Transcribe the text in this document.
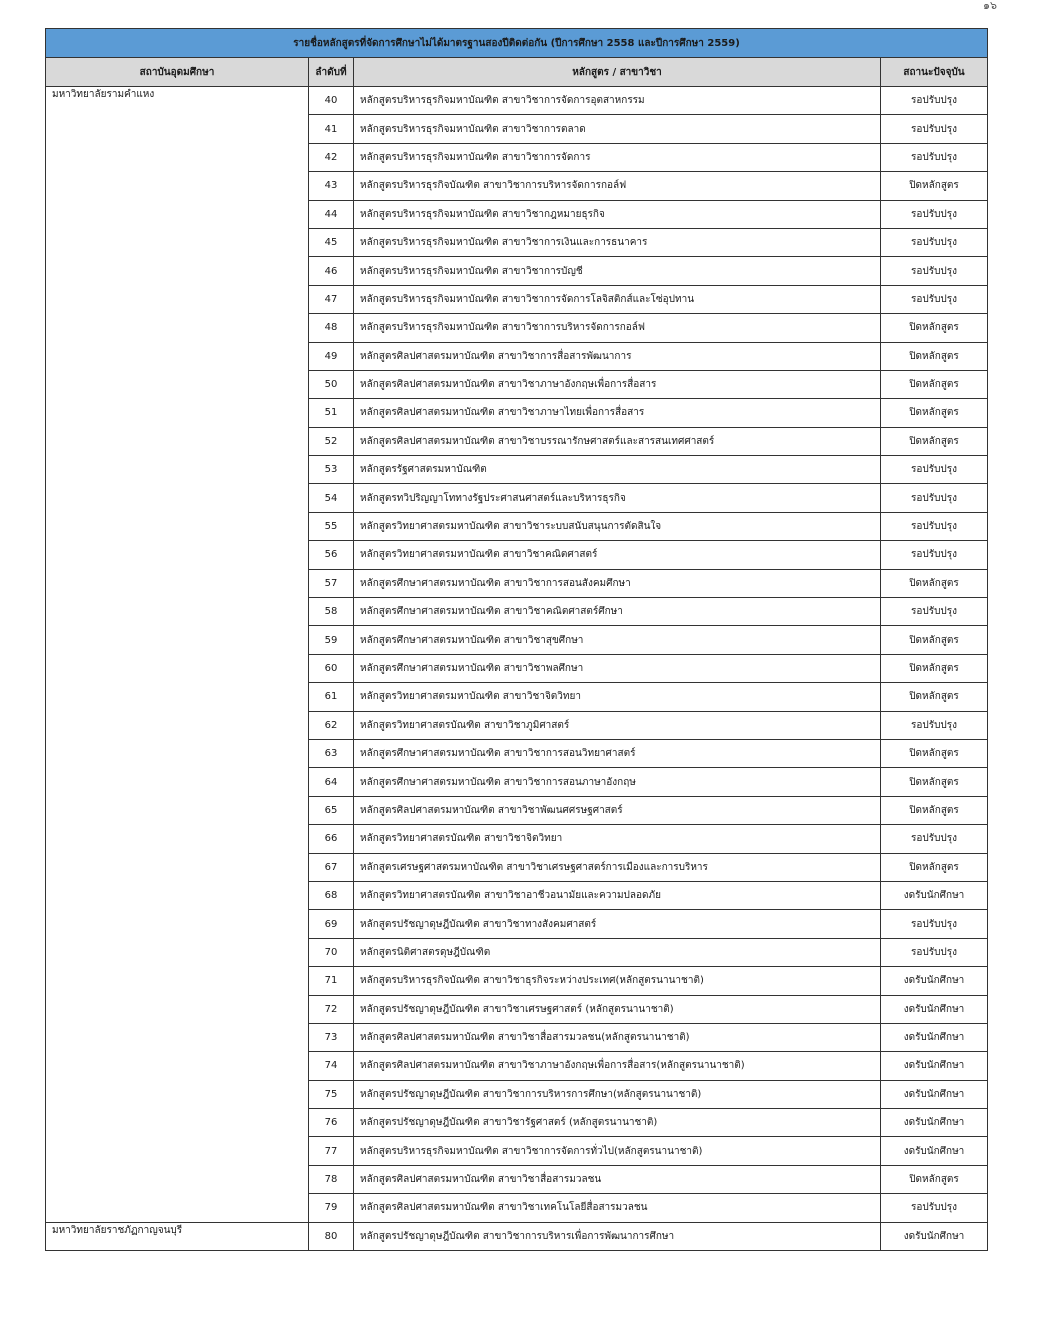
๑๖
รายชื่อหลักสูตรที่จัดการศึกษาไม่ได้มาตรฐานสองปีติดต่อกัน (ปีการศึกษา 2558 และปีการศึกษา 2559)			
สถาบันอุดมศึกษา	ลำดับที่	หลักสูตร / สาขาวิชา	สถานะปัจจุบัน
มหาวิทยาลัยรามคำแหง	40	หลักสูตรบริหารธุรกิจมหาบัณฑิต สาขาวิชาการจัดการอุตสาหกรรม	รอปรับปรุง
	41	หลักสูตรบริหารธุรกิจมหาบัณฑิต สาขาวิชาการตลาด	รอปรับปรุง
	42	หลักสูตรบริหารธุรกิจมหาบัณฑิต สาขาวิชาการจัดการ	รอปรับปรุง
	43	หลักสูตรบริหารธุรกิจบัณฑิต สาขาวิชาการบริหารจัดการกอล์ฟ	ปิดหลักสูตร
	44	หลักสูตรบริหารธุรกิจมหาบัณฑิต สาขาวิชากฎหมายธุรกิจ	รอปรับปรุง
	45	หลักสูตรบริหารธุรกิจมหาบัณฑิต สาขาวิชาการเงินและการธนาคาร	รอปรับปรุง
	46	หลักสูตรบริหารธุรกิจมหาบัณฑิต สาขาวิชาการบัญชี	รอปรับปรุง
	47	หลักสูตรบริหารธุรกิจมหาบัณฑิต สาขาวิชาการจัดการโลจิสติกส์และโซ่อุปทาน	รอปรับปรุง
	48	หลักสูตรบริหารธุรกิจมหาบัณฑิต สาขาวิชาการบริหารจัดการกอล์ฟ	ปิดหลักสูตร
	49	หลักสูตรศิลปศาสตรมหาบัณฑิต สาขาวิชาการสื่อสารพัฒนาการ	ปิดหลักสูตร
	50	หลักสูตรศิลปศาสตรมหาบัณฑิต สาขาวิชาภาษาอังกฤษเพื่อการสื่อสาร	ปิดหลักสูตร
	51	หลักสูตรศิลปศาสตรมหาบัณฑิต สาขาวิชาภาษาไทยเพื่อการสื่อสาร	ปิดหลักสูตร
	52	หลักสูตรศิลปศาสตรมหาบัณฑิต สาขาวิชาบรรณารักษศาสตร์และสารสนเทศศาสตร์	ปิดหลักสูตร
	53	หลักสูตรรัฐศาสตรมหาบัณฑิต	รอปรับปรุง
	54	หลักสูตรทวิปริญญาโททางรัฐประศาสนศาสตร์และบริหารธุรกิจ	รอปรับปรุง
	55	หลักสูตรวิทยาศาสตรมหาบัณฑิต สาขาวิชาระบบสนับสนุนการตัดสินใจ	รอปรับปรุง
	56	หลักสูตรวิทยาศาสตรมหาบัณฑิต สาขาวิชาคณิตศาสตร์	รอปรับปรุง
	57	หลักสูตรศึกษาศาสตรมหาบัณฑิต สาขาวิชาการสอนสังคมศึกษา	ปิดหลักสูตร
	58	หลักสูตรศึกษาศาสตรมหาบัณฑิต สาขาวิชาคณิตศาสตร์ศึกษา	รอปรับปรุง
	59	หลักสูตรศึกษาศาสตรมหาบัณฑิต สาขาวิชาสุขศึกษา	ปิดหลักสูตร
	60	หลักสูตรศึกษาศาสตรมหาบัณฑิต สาขาวิชาพลศึกษา	ปิดหลักสูตร
	61	หลักสูตรวิทยาศาสตรมหาบัณฑิต สาขาวิชาจิตวิทยา	ปิดหลักสูตร
	62	หลักสูตรวิทยาศาสตรบัณฑิต สาขาวิชาภูมิศาสตร์	รอปรับปรุง
	63	หลักสูตรศึกษาศาสตรมหาบัณฑิต สาขาวิชาการสอนวิทยาศาสตร์	ปิดหลักสูตร
	64	หลักสูตรศึกษาศาสตรมหาบัณฑิต สาขาวิชาการสอนภาษาอังกฤษ	ปิดหลักสูตร
	65	หลักสูตรศิลปศาสตรมหาบัณฑิต สาขาวิชาพัฒนศศรษฐศาสตร์	ปิดหลักสูตร
	66	หลักสูตรวิทยาศาสตรบัณฑิต สาขาวิชาจิตวิทยา	รอปรับปรุง
	67	หลักสูตรเศรษฐศาสตรมหาบัณฑิต สาขาวิชาเศรษฐศาสตร์การเมืองและการบริหาร	ปิดหลักสูตร
	68	หลักสูตรวิทยาศาสตรบัณฑิต สาขาวิชาอาชีวอนามัยและความปลอดภัย	งดรับนักศึกษา
	69	หลักสูตรปรัชญาดุษฎีบัณฑิต สาขาวิชาทางสังคมศาสตร์	รอปรับปรุง
	70	หลักสูตรนิติศาสตรดุษฎีบัณฑิต	รอปรับปรุง
	71	หลักสูตรบริหารธุรกิจบัณฑิต สาขาวิชาธุรกิจระหว่างประเทศ(หลักสูตรนานาชาติ)	งดรับนักศึกษา
	72	หลักสูตรปรัชญาดุษฎีบัณฑิต สาขาวิชาเศรษฐศาสตร์ (หลักสูตรนานาชาติ)	งดรับนักศึกษา
	73	หลักสูตรศิลปศาสตรมหาบัณฑิต สาขาวิชาสื่อสารมวลชน(หลักสูตรนานาชาติ)	งดรับนักศึกษา
	74	หลักสูตรศิลปศาสตรมหาบัณฑิต สาขาวิชาภาษาอังกฤษเพื่อการสื่อสาร(หลักสูตรนานาชาติ)	งดรับนักศึกษา
	75	หลักสูตรปรัชญาดุษฎีบัณฑิต สาขาวิชาการบริหารการศึกษา(หลักสูตรนานาชาติ)	งดรับนักศึกษา
	76	หลักสูตรปรัชญาดุษฎีบัณฑิต สาขาวิชารัฐศาสตร์ (หลักสูตรนานาชาติ)	งดรับนักศึกษา
	77	หลักสูตรบริหารธุรกิจมหาบัณฑิต สาขาวิชาการจัดการทั่วไป(หลักสูตรนานาชาติ)	งดรับนักศึกษา
	78	หลักสูตรศิลปศาสตรมหาบัณฑิต สาขาวิชาสื่อสารมวลชน	ปิดหลักสูตร
	79	หลักสูตรศิลปศาสตรมหาบัณฑิต สาขาวิชาเทคโนโลยีสื่อสารมวลชน	รอปรับปรุง
มหาวิทยาลัยราชภัฏกาญจนบุรี	80	หลักสูตรปรัชญาดุษฎีบัณฑิต สาขาวิชาการบริหารเพื่อการพัฒนาการศึกษา	งดรับนักศึกษา
